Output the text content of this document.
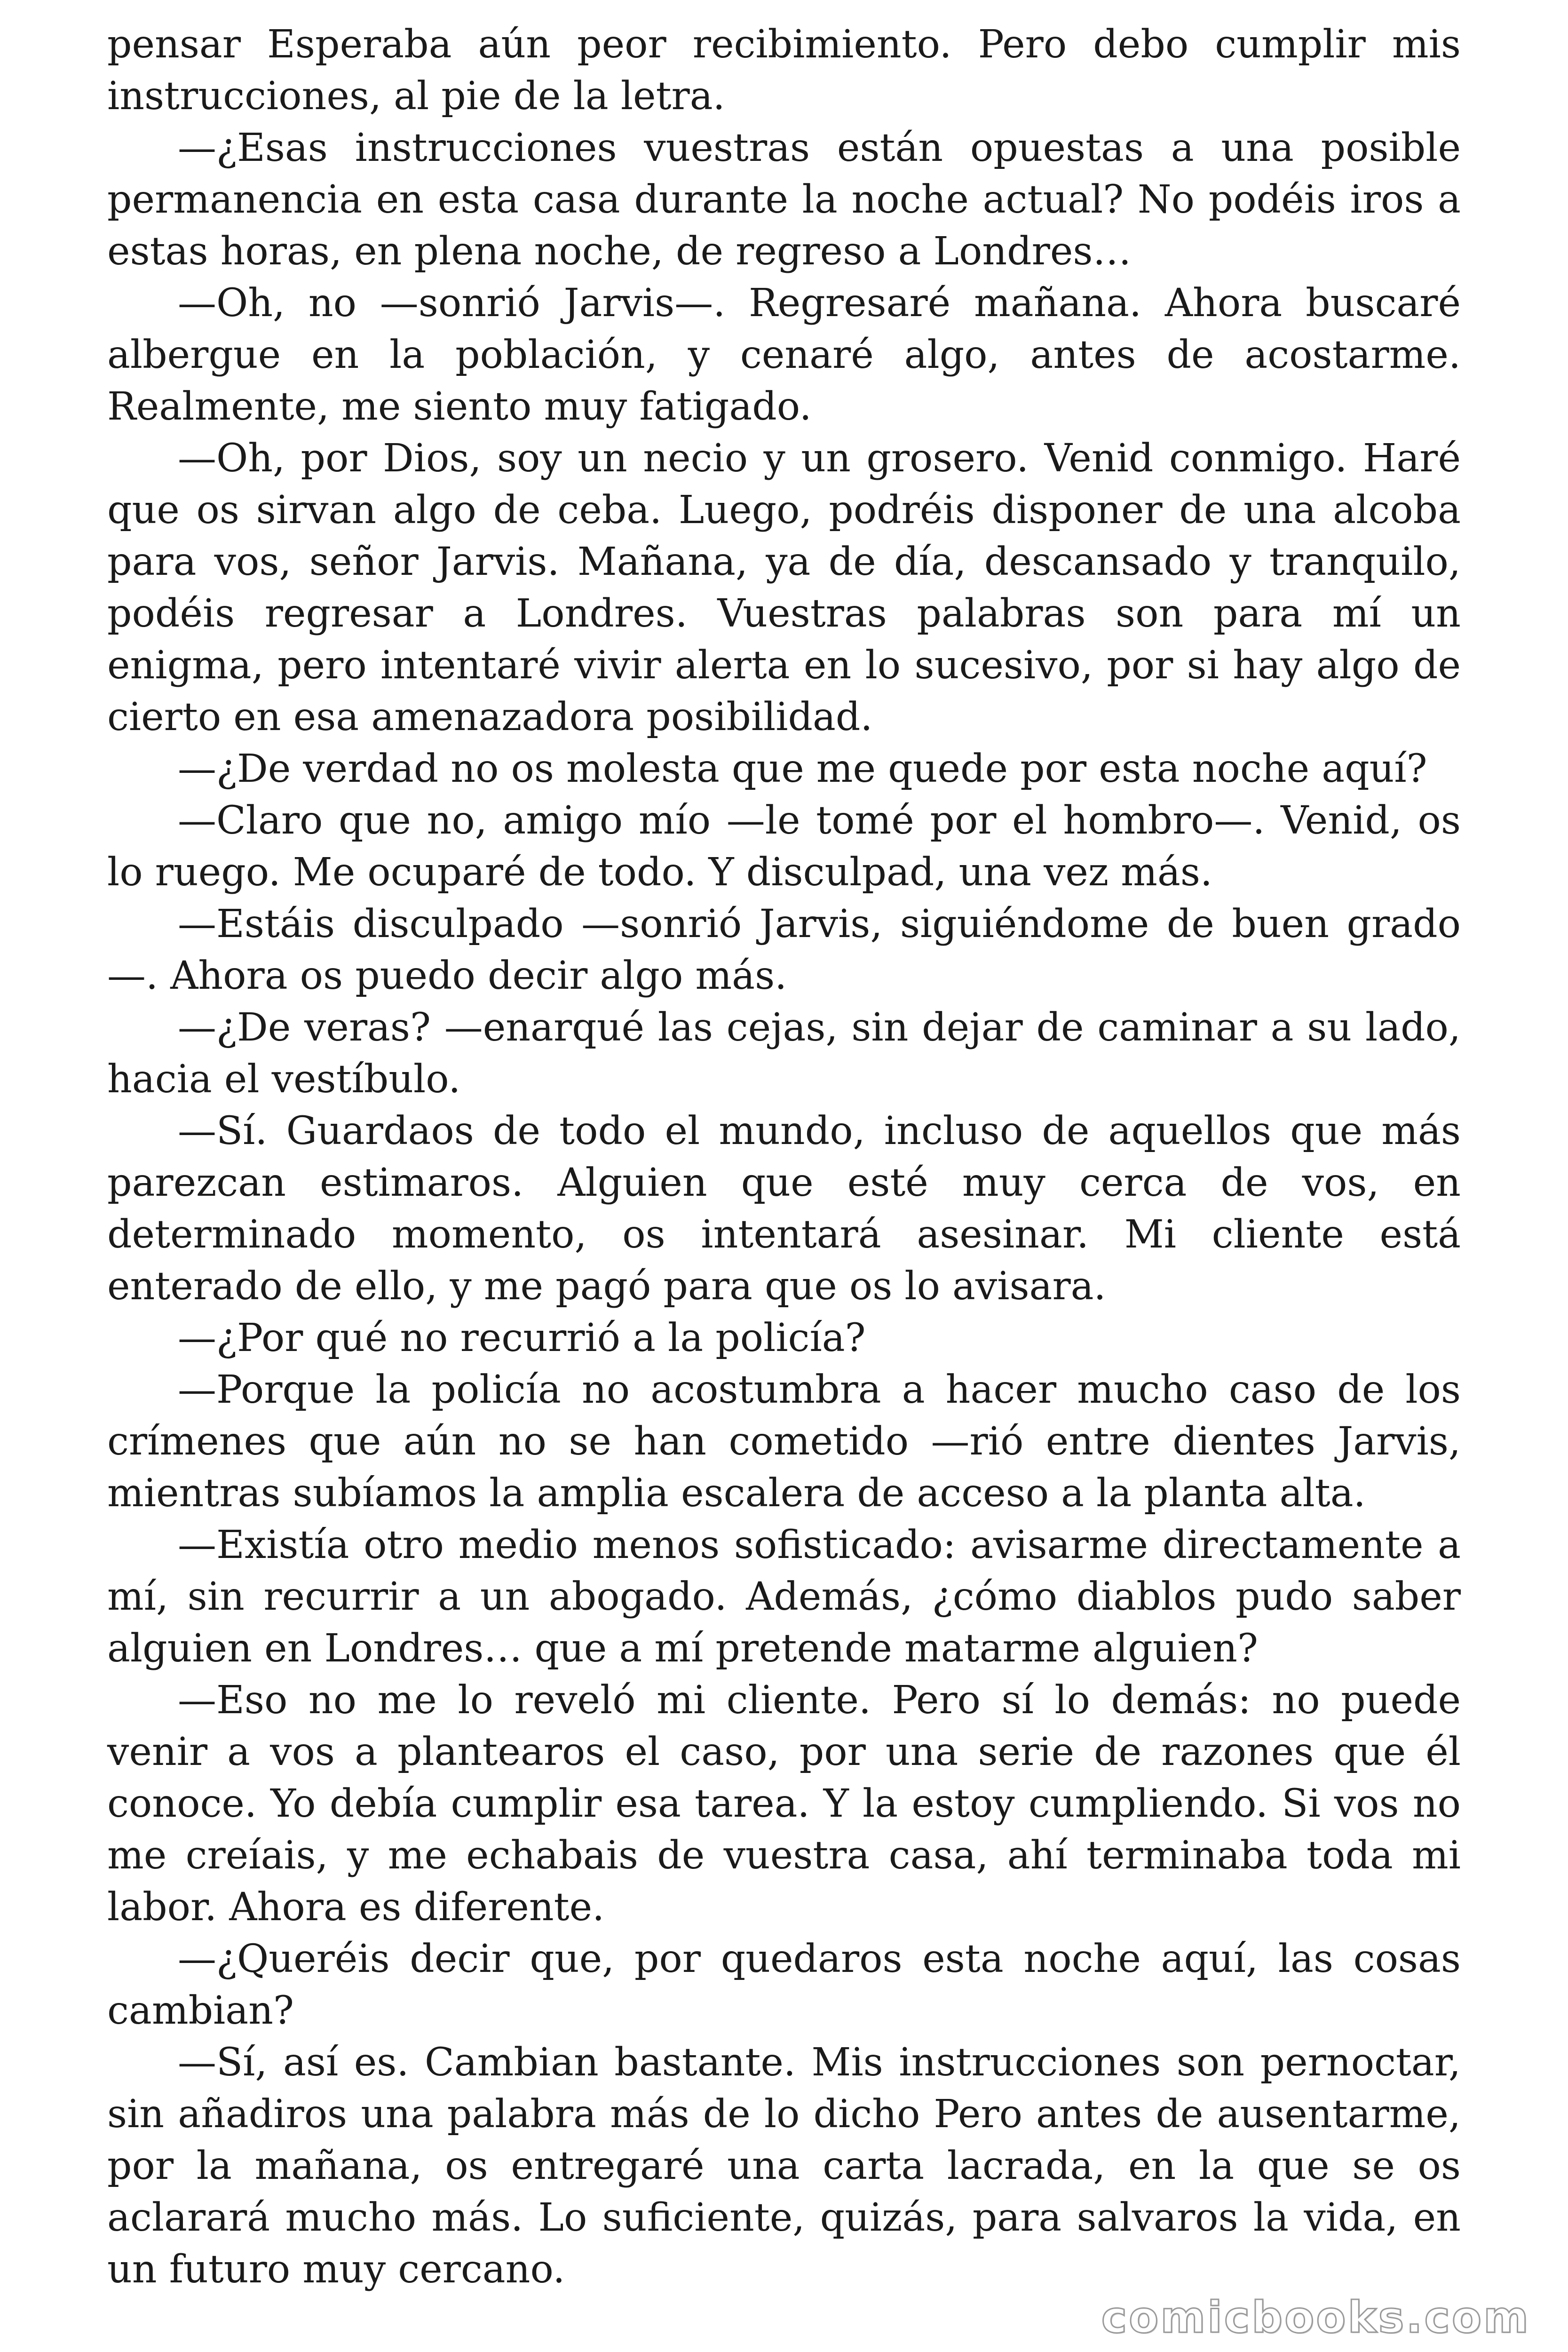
pensar Esperaba aún peor recibimiento. Pero debo cumplir mis instrucciones, al pie de la letra.

—¿Esas instrucciones vuestras están opuestas a una posible permanencia en esta casa durante la noche actual? No podéis iros a estas horas, en plena noche, de regreso a Londres…

—Oh, no —sonrió Jarvis—. Regresaré mañana. Ahora buscaré albergue en la población, y cenaré algo, antes de acostarme. Realmente, me siento muy fatigado.

—Oh, por Dios, soy un necio y un grosero. Venid conmigo. Haré que os sirvan algo de ceba. Luego, podréis disponer de una alcoba para vos, señor Jarvis. Mañana, ya de día, descansado y tranquilo, podéis regresar a Londres. Vuestras palabras son para mí un enigma, pero intentaré vivir alerta en lo sucesivo, por si hay algo de cierto en esa amenazadora posibilidad.

—¿De verdad no os molesta que me quede por esta noche aquí?

—Claro que no, amigo mío —le tomé por el hombro—. Venid, os lo ruego. Me ocuparé de todo. Y disculpad, una vez más.

—Estáis disculpado —sonrió Jarvis, siguiéndome de buen grado—. Ahora os puedo decir algo más.

—¿De veras? —enarqué las cejas, sin dejar de caminar a su lado, hacia el vestíbulo.

—Sí. Guardaos de todo el mundo, incluso de aquellos que más parezcan estimaros. Alguien que esté muy cerca de vos, en determinado momento, os intentará asesinar. Mi cliente está enterado de ello, y me pagó para que os lo avisara.

—¿Por qué no recurrió a la policía?

—Porque la policía no acostumbra a hacer mucho caso de los crímenes que aún no se han cometido —rió entre dientes Jarvis, mientras subíamos la amplia escalera de acceso a la planta alta.

—Existía otro medio menos sofisticado: avisarme directamente a mí, sin recurrir a un abogado. Además, ¿cómo diablos pudo saber alguien en Londres… que a mí pretende matarme alguien?

—Eso no me lo reveló mi cliente. Pero sí lo demás: no puede venir a vos a plantearos el caso, por una serie de razones que él conoce. Yo debía cumplir esa tarea. Y la estoy cumpliendo. Si vos no me creíais, y me echabais de vuestra casa, ahí terminaba toda mi labor. Ahora es diferente.

—¿Queréis decir que, por quedaros esta noche aquí, las cosas cambian?

—Sí, así es. Cambian bastante. Mis instrucciones son pernoctar, sin añadiros una palabra más de lo dicho Pero antes de ausentarme, por la mañana, os entregaré una carta lacrada, en la que se os aclarará mucho más. Lo suficiente, quizás, para salvaros la vida, en un futuro muy cercano.

comicbooks.com
